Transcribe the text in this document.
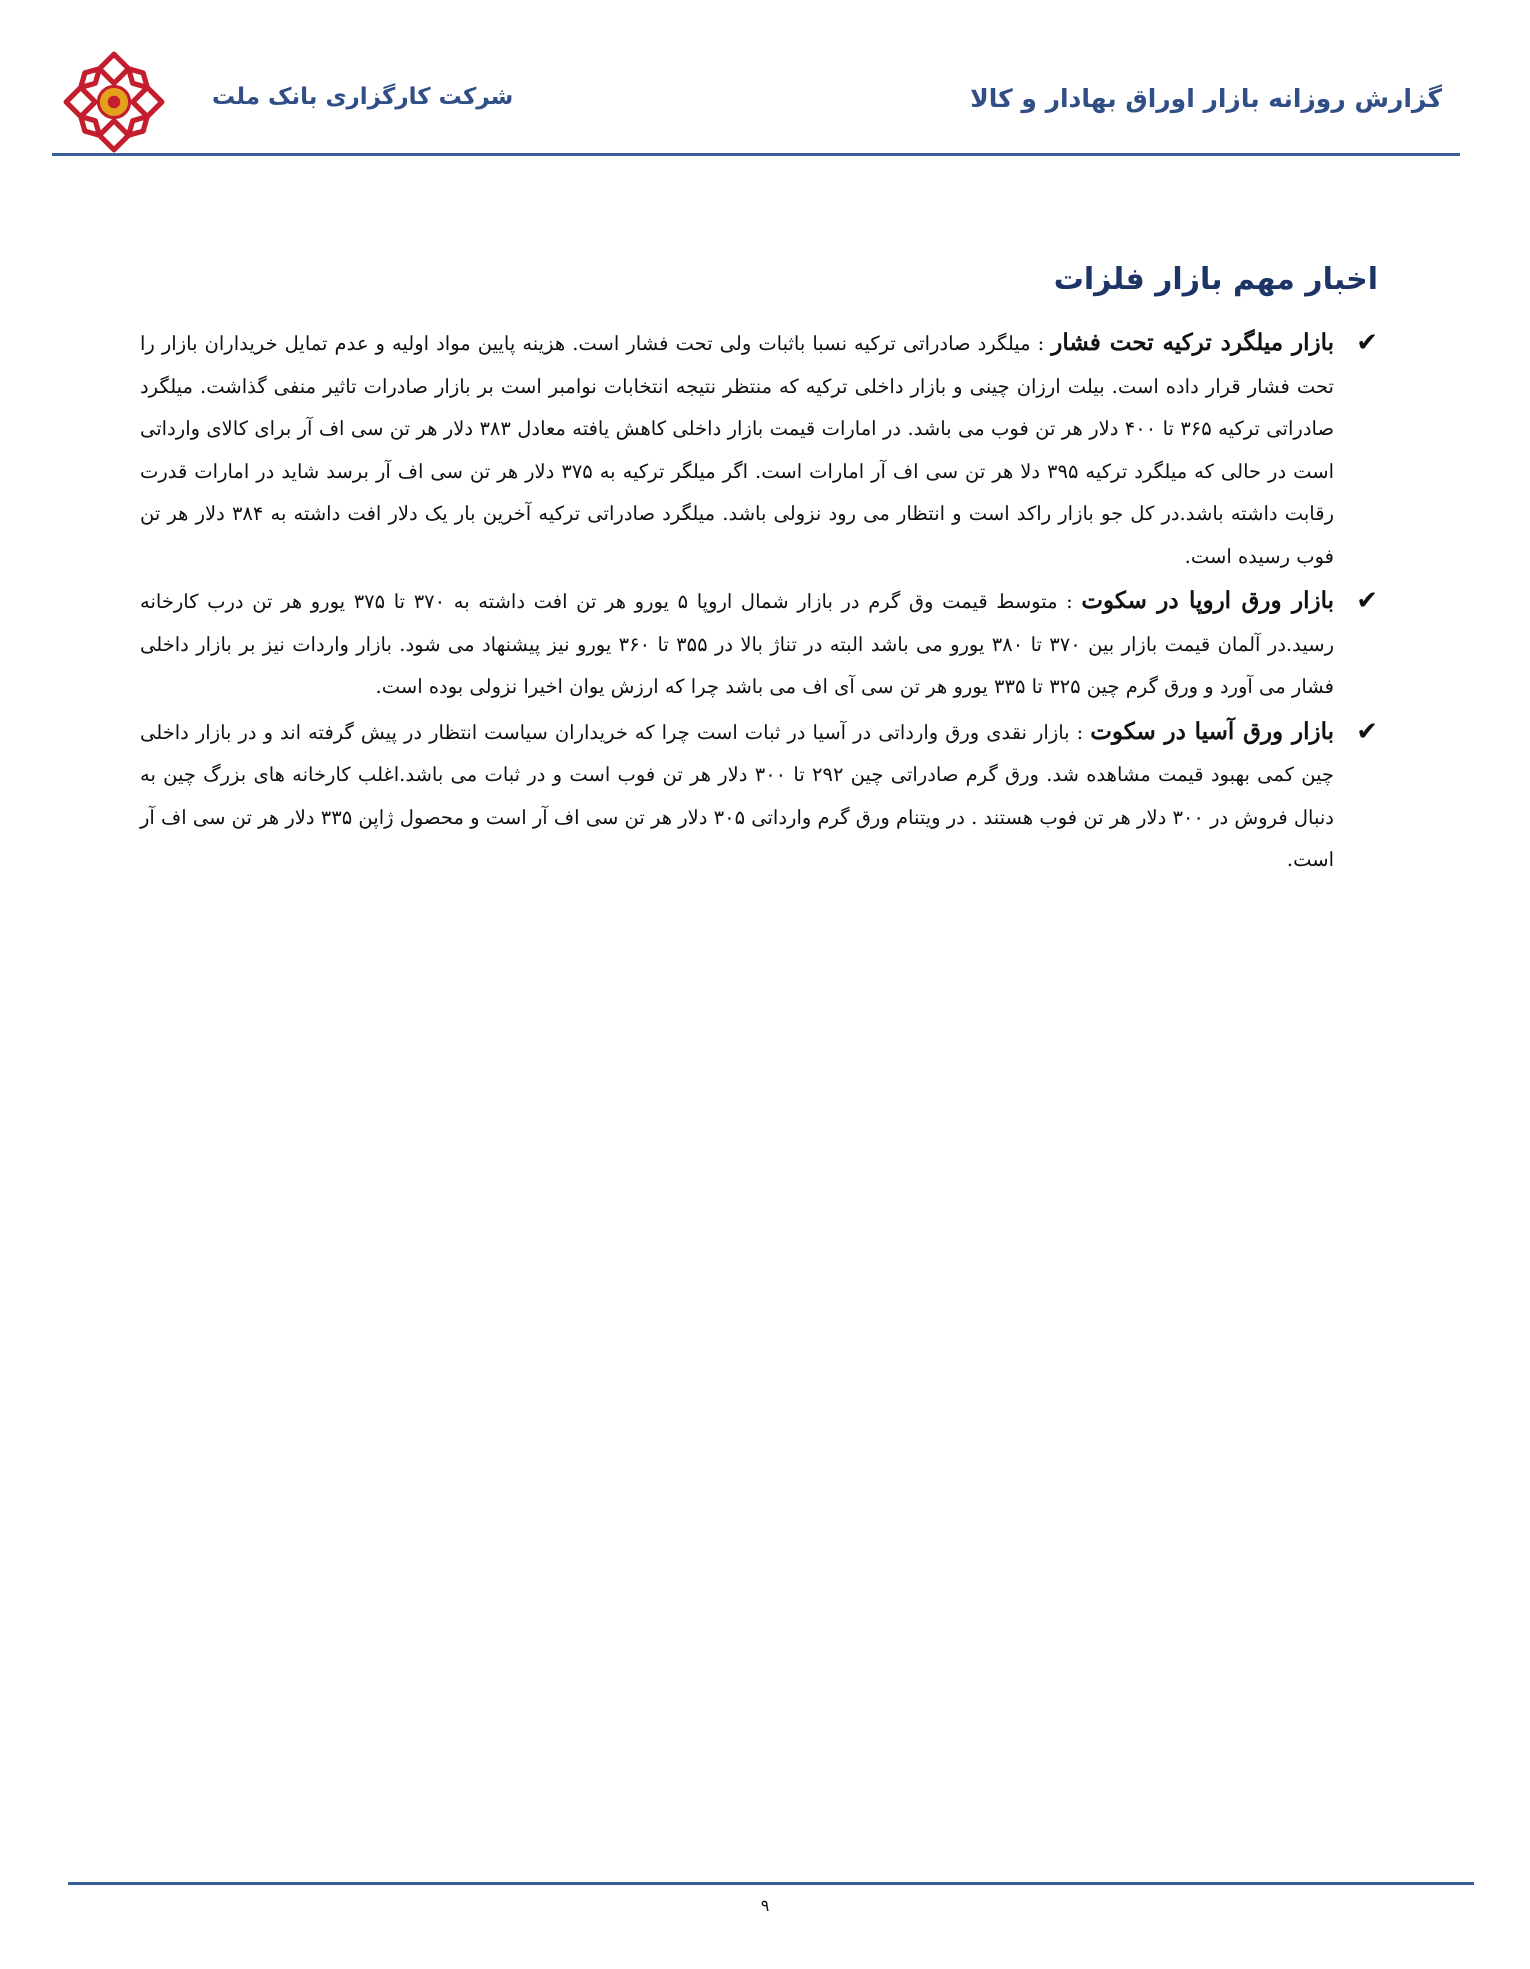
گزارش روزانه بازار اوراق بهادار و کالا
شرکت کارگزاری بانک ملت
اخبار مهم بازار فلزات
✔
بازار میلگرد ترکیه تحت فشار : میلگرد صادراتی ترکیه نسبا باثبات ولی تحت فشار است. هزینه پایین مواد اولیه و عدم تمایل خریداران بازار را تحت فشار قرار داده است. بیلت ارزان چینی و بازار داخلی ترکیه که منتظر نتیجه انتخابات نوامبر است بر بازار صادرات تاثیر منفی گذاشت. میلگرد صادراتی ترکیه ۳۶۵ تا ۴۰۰ دلار هر تن فوب می باشد. در امارات قیمت بازار داخلی کاهش یافته معادل ۳۸۳ دلار هر تن سی اف آر برای کالای وارداتی است در حالی که میلگرد ترکیه ۳۹۵ دلا هر تن سی اف آر امارات است. اگر میلگر ترکیه به ۳۷۵ دلار هر تن سی اف آر برسد شاید در امارات قدرت رقابت داشته باشد.در کل جو بازار راکد است و انتظار می رود نزولی باشد. میلگرد صادراتی ترکیه آخرین بار یک دلار افت داشته به ۳۸۴ دلار هر تن فوب رسیده است.
✔
بازار ورق اروپا در سکوت : متوسط قیمت وق گرم در بازار شمال اروپا ۵ یورو هر تن افت داشته به ۳۷۰ تا ۳۷۵ یورو هر تن درب کارخانه رسید.در آلمان قیمت بازار بین ۳۷۰ تا ۳۸۰ یورو می باشد البته در تناژ بالا در ۳۵۵ تا ۳۶۰ یورو نیز پیشنهاد می شود. بازار واردات نیز بر بازار داخلی فشار می آورد و ورق گرم چین ۳۲۵ تا ۳۳۵ یورو هر تن سی آی اف می باشد چرا که ارزش یوان اخیرا نزولی بوده است.
✔
بازار ورق آسیا در سکوت : بازار نقدی ورق وارداتی در آسیا در ثبات است چرا که خریداران سیاست انتظار در پیش گرفته اند و در بازار داخلی چین کمی بهبود قیمت مشاهده شد. ورق گرم صادراتی چین ۲۹۲ تا ۳۰۰ دلار هر تن فوب است و در ثبات می باشد.اغلب کارخانه های بزرگ چین به دنبال فروش در ۳۰۰ دلار هر تن فوب هستند . در ویتنام ورق گرم وارداتی ۳۰۵ دلار هر تن سی اف آر است و محصول ژاپن ۳۳۵ دلار هر تن سی اف آر است.
۹
